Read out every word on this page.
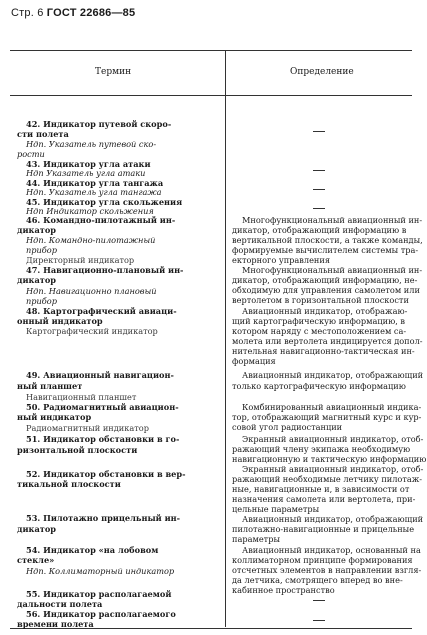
Стр. 6 ГОСТ 22686—85
Термин	Определение
42. Индикатор путевой скоро-
сти полета
Ндп. Указатель путевой ско-
рости
43. Индикатор угла атаки
Ндп Указатель угла атаки
44. Индикатор угла тангажа
Ндп. Указатель угла тангажа
45. Индикатор угла скольжения
Ндп Индикатор скольжения
46. Командно-пилотажный ин-
дикатор
Ндп. Командно-пилотажный
прибор
Директорный индикатор
47. Навигационно-плановый ин-
дикатор
Ндп. Навигационно плановый
прибор
48. Картографический авиаци-
онный индикатор
Картографический индикатор
49. Авиационный навигацион-
ный планшет
Навигационный планшет
50. Радиомагнитный авиацион-
ный индикатор
Радиомагнитный индикатор
51. Индикатор обстановки в го-
ризонтальной плоскости
52. Индикатор обстановки в вер-
тикальной плоскости
53. Пилотажно прицельный ин-
дикатор
54. Индикатор «на лобовом
стекле»
Ндп. Коллиматорный индикатор
55. Индикатор располагаемой
дальности полета
56. Индикатор располагаемого
времени полета
Многофункциональный авиационный ин-
дикатор, отображающий информацию в
вертикальной плоскости, а также команды,
формируемые вычислителем системы тра-
екторного управления
Многофункциональный авиационный ин-
дикатор, отображающий информацию, не-
обходимую для управления самолетом или
вертолетом в горизонтальной плоскости
Авиационный индикатор, отображаю-
щий картографическую информацию, в
котором наряду с местоположением са-
молета или вертолета индицируется допол-
нительная навигационно-тактическая ин-
формация
Авиационный индикатор, отображающий
только картографическую информацию
Комбинированный авиационный индика-
тор, отображающий магнитный курс и кур-
совой угол радиостанции
Экранный авиационный индикатор, отоб-
ражающий члену экипажа необходимую
навигационную и тактическую информацию
Экранный авиационный индикатор, отоб-
ражающий необходимые летчику пилотаж-
ные, навигационные и, в зависимости от
назначения самолета или вертолета, при-
цельные параметры
Авиационный индикатор, отображающий
пилотажно-навигационные и прицельные
параметры
Авиационный индикатор, основанный на
коллиматорном принципе формирования
отсчетных элементов в направлении взгля-
да летчика, смотрящего вперед во вне-
кабинное пространство
